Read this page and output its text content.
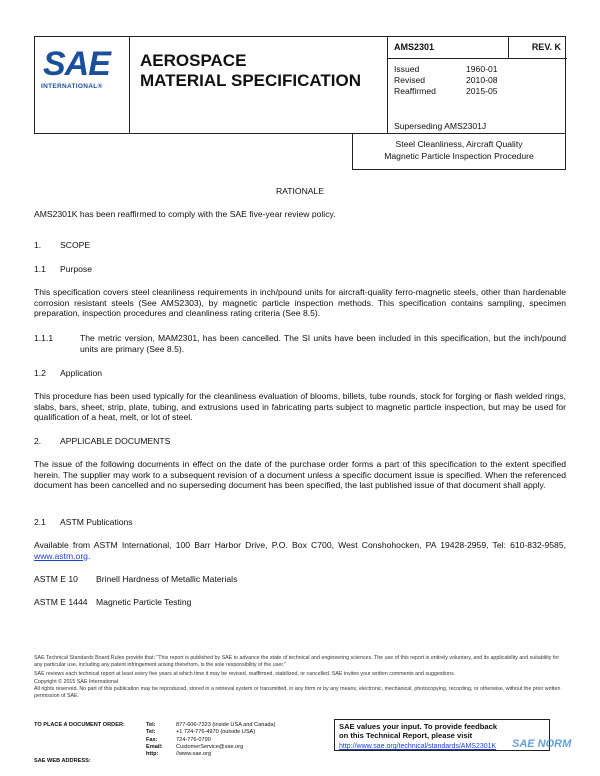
SAE
INTERNATIONAL®
AEROSPACE
MATERIAL SPECIFICATION
AMS2301	REV. K
Issued	1960-01
Revised	2010-08
Reaffirmed	2015-05
Superseding AMS2301J
Steel Cleanliness, Aircraft Quality
Magnetic Particle Inspection Procedure
RATIONALE
AMS2301K has been reaffirmed to comply with the SAE five-year review policy.
1. SCOPE
1.1 Purpose
This specification covers steel cleanliness requirements in inch/pound units for aircraft-quality ferro-magnetic steels, other than hardenable corrosion resistant steels (See AMS2303), by magnetic particle inspection methods. This specification contains sampling, specimen preparation, inspection procedures and cleanliness rating criteria (See 8.5).
1.1.1	The metric version, MAM2301, has been cancelled. The SI units have been included in this specification, but the inch/pound units are primary (See 8.5).
1.2 Application
This procedure has been used typically for the cleanliness evaluation of blooms, billets, tube rounds, stock for forging or flash welded rings, slabs, bars, sheet, strip, plate, tubing, and extrusions used in fabricating parts subject to magnetic particle inspection, but may be used for qualification of a heat, melt, or lot of steel.
2. APPLICABLE DOCUMENTS
The issue of the following documents in effect on the date of the purchase order forms a part of this specification to the extent specified herein. The supplier may work to a subsequent revision of a document unless a specific document issue is specified. When the referenced document has been cancelled and no superseding document has been specified, the last published issue of that document shall apply.
2.1 ASTM Publications
Available from ASTM International, 100 Barr Harbor Drive, P.O. Box C700, West Conshohocken, PA 19428-2959, Tel: 610-832-9585, www.astm.org.
ASTM E 10	Brinell Hardness of Metallic Materials
ASTM E 1444 Magnetic Particle Testing
SAE Technical Standards Board Rules provide that: "This report is published by SAE to advance the state of technical and engineering sciences. The use of this report is entirely voluntary, and its applicability and suitability for any particular use, including any patent infringement arising therefrom, is the sole responsibility of the user."
SAE reviews each technical report at least every five years at which time it may be revised, reaffirmed, stabilized, or cancelled. SAE invites your written comments and suggestions.
Copyright © 2015 SAE International
All rights reserved. No part of this publication may be reproduced, stored in a retrieval system or transmitted, in any form or by any means, electronic, mechanical, photocopying, recording, or otherwise, without the prior written permission of SAE.
TO PLACE A DOCUMENT ORDER:	Tel:	877-606-7323 (inside USA and Canada)
Tel:	+1 724-776-4970 (outside USA)
Fax:	724-776-0790
Email:	CustomerService@sae.org
http:	//www.sae.org
SAE values your input. To provide feedback
on this Technical Report, please visit
http://www.sae.org/technical/standards/AMS2301K
SAE WEB ADDRESS:
SAE NORM
